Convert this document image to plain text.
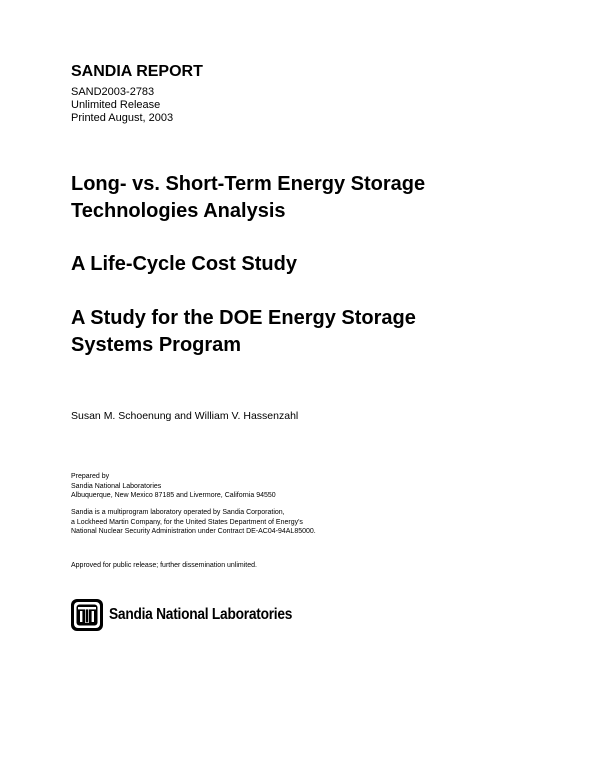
SANDIA REPORT
SAND2003-2783
Unlimited Release
Printed August, 2003
Long- vs. Short-Term Energy Storage
Technologies Analysis
A Life-Cycle Cost Study
A Study for the DOE Energy Storage
Systems Program
Susan M. Schoenung and William V. Hassenzahl
Prepared by
Sandia National Laboratories
Albuquerque, New Mexico 87185 and Livermore, California 94550
Sandia is a multiprogram laboratory operated by Sandia Corporation,
a Lockheed Martin Company, for the United States Department of Energy's
National Nuclear Security Administration under Contract DE-AC04-94AL85000.
Approved for public release; further dissemination unlimited.
Sandia National Laboratories
